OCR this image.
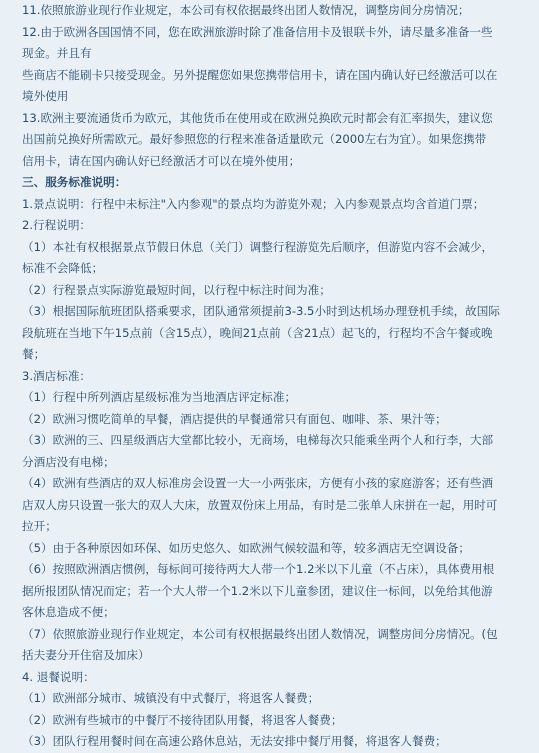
11.依照旅游业现行作业规定，本公司有权依据最终出团人数情况，调整房间分房情况；
12.由于欧洲各国国情不同，您在欧洲旅游时除了准备信用卡及银联卡外，请尽量多准备一些
现金。并且有
些商店不能刷卡只接受现金。另外提醒您如果您携带信用卡，请在国内确认好已经激活可以在
境外使用
13.欧洲主要流通货币为欧元，其他货币在使用或在欧洲兑换欧元时都会有汇率损失，建议您
出国前兑换好所需欧元。最好参照您的行程来准备适量欧元（2000左右为宜）。如果您携带
信用卡，请在国内确认好已经激活才可以在境外使用；
三、服务标准说明：
1.景点说明：行程中未标注"入内参观"的景点均为游览外观；入内参观景点均含首道门票；
2.行程说明：
（1）本社有权根据景点节假日休息（关门）调整行程游览先后顺序，但游览内容不会减少，
标准不会降低；
（2）行程景点实际游览最短时间，以行程中标注时间为准；
（3）根据国际航班团队搭乘要求，团队通常须提前3-3.5小时到达机场办理登机手续，故国际
段航班在当地下午15点前（含15点），晚间21点前（含21点）起飞的，行程均不含午餐或晚
餐；
3.酒店标准：
（1）行程中所列酒店星级标准为当地酒店评定标准；
（2）欧洲习惯吃简单的早餐，酒店提供的早餐通常只有面包、咖啡、茶、果汁等；
（3）欧洲的三、四星级酒店大堂都比较小，无商场，电梯每次只能乘坐两个人和行李，大部
分酒店没有电梯；
（4）欧洲有些酒店的双人标准房会设置一大一小两张床，方便有小孩的家庭游客；还有些酒
店双人房只设置一张大的双人大床，放置双份床上用品，有时是二张单人床拼在一起，用时可
拉开；
（5）由于各种原因如环保、如历史悠久、如欧洲气候较温和等，较多酒店无空调设备；
（6）按照欧洲酒店惯例，每标间可接待两大人带一个1.2米以下儿童（不占床），具体费用根
据所报团队情况而定；若一个大人带一个1.2米以下儿童参团，建议住一标间，以免给其他游
客休息造成不便；
（7）依照旅游业现行作业规定，本公司有权根据最终出团人数情况，调整房间分房情况。(包
括夫妻分开住宿及加床）
4. 退餐说明：
（1）欧洲部分城市、城镇没有中式餐厅，将退客人餐费；
（2）欧洲有些城市的中餐厅不接待团队用餐，将退客人餐费；
（3）团队行程用餐时间在高速公路休息站，无法安排中餐厅用餐，将退客人餐费；
